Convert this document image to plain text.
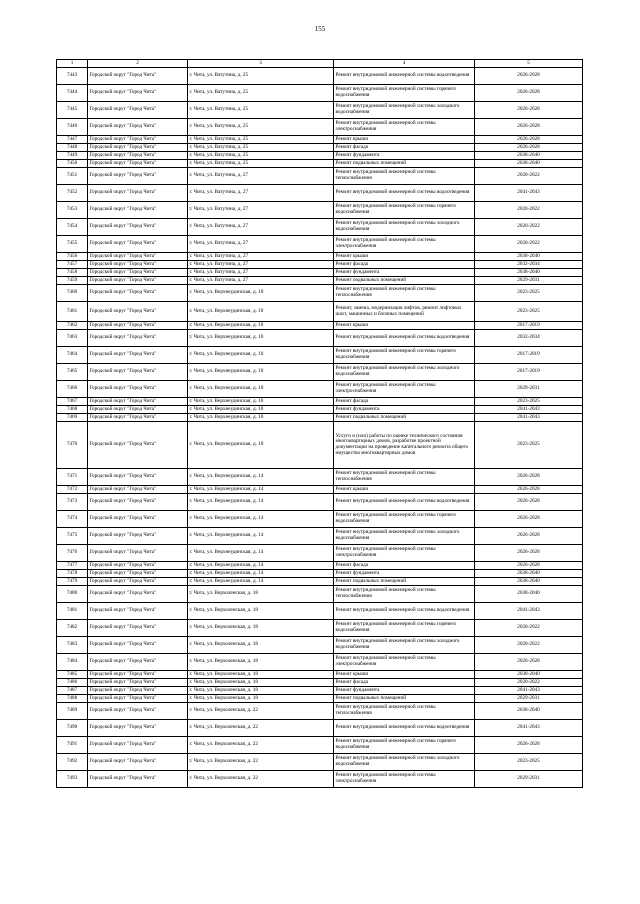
155
1	2	3	4	5
7443	Городской округ "Город Чита"	г. Чита, ул. Ватутина, д. 25	Ремонт внутридомовой инженерной системы водоотведения	2026-2028
7444	Городской округ "Город Чита"	г. Чита, ул. Ватутина, д. 25	Ремонт внутридомовой инженерной системы горячего водоснабжения	2026-2028
7445	Городской округ "Город Чита"	г. Чита, ул. Ватутина, д. 25	Ремонт внутридомовой инженерной системы холодного водоснабжения	2026-2028
7446	Городской округ "Город Чита"	г. Чита, ул. Ватутина, д. 25	Ремонт внутридомовой инженерной системы электроснабжения	2026-2028
7447	Городской округ "Город Чита"	г. Чита, ул. Ватутина, д. 25	Ремонт крыши	2026-2028
7448	Городской округ "Город Чита"	г. Чита, ул. Ватутина, д. 25	Ремонт фасада	2026-2028
7449	Городской округ "Город Чита"	г. Чита, ул. Ватутина, д. 25	Ремонт фундамента	2038-2040
7450	Городской округ "Город Чита"	г. Чита, ул. Ватутина, д. 25	Ремонт подвальных помещений	2038-2040
7451	Городской округ "Город Чита"	г. Чита, ул. Ватутина, д. 27	Ремонт внутридомовой инженерной системы теплоснабжения	2020-2022
7452	Городской округ "Город Чита"	г. Чита, ул. Ватутина, д. 27	Ремонт внутридомовой инженерной системы водоотведения	2041-2043
7453	Городской округ "Город Чита"	г. Чита, ул. Ватутина, д. 27	Ремонт внутридомовой инженерной системы горячего водоснабжения	2020-2022
7454	Городской округ "Город Чита"	г. Чита, ул. Ватутина, д. 27	Ремонт внутридомовой инженерной системы холодного водоснабжения	2020-2022
7455	Городской округ "Город Чита"	г. Чита, ул. Ватутина, д. 27	Ремонт внутридомовой инженерной системы электроснабжения	2020-2022
7456	Городской округ "Город Чита"	г. Чита, ул. Ватутина, д. 27	Ремонт крыши	2038-2040
7457	Городской округ "Город Чита"	г. Чита, ул. Ватутина, д. 27	Ремонт фасада	2032-2034
7458	Городской округ "Город Чита"	г. Чита, ул. Ватутина, д. 27	Ремонт фундамента	2038-2040
7459	Городской округ "Город Чита"	г. Чита, ул. Ватутина, д. 27	Ремонт подвальных помещений	2029-2031
7460	Городской округ "Город Чита"	г. Чита, ул. Верхнеудинская, д. 10	Ремонт внутридомовой инженерной системы теплоснабжения	2023-2025
7461	Городской округ "Город Чита"	г. Чита, ул. Верхнеудинская, д. 10	Ремонт, замена, модернизация лифтов, ремонт лифтовых шахт, машинных и блочных помещений	2023-2025
7462	Городской округ "Город Чита"	г. Чита, ул. Верхнеудинская, д. 10	Ремонт крыши	2017-2019
7463	Городской округ "Город Чита"	г. Чита, ул. Верхнеудинская, д. 10	Ремонт внутридомовой инженерной системы водоотведения	2032-2034
7464	Городской округ "Город Чита"	г. Чита, ул. Верхнеудинская, д. 10	Ремонт внутридомовой инженерной системы горячего водоснабжения	2017-2019
7465	Городской округ "Город Чита"	г. Чита, ул. Верхнеудинская, д. 10	Ремонт внутридомовой инженерной системы холодного водоснабжения	2017-2019
7466	Городской округ "Город Чита"	г. Чита, ул. Верхнеудинская, д. 10	Ремонт внутридомовой инженерной системы электроснабжения	2029-2031
7467	Городской округ "Город Чита"	г. Чита, ул. Верхнеудинская, д. 10	Ремонт фасада	2023-2025
7468	Городской округ "Город Чита"	г. Чита, ул. Верхнеудинская, д. 10	Ремонт фундамента	2041-2043
7469	Городской округ "Город Чита"	г. Чита, ул. Верхнеудинская, д. 10	Ремонт подвальных помещений	2041-2043
7470	Городской округ "Город Чита"	г. Чита, ул. Верхнеудинская, д. 10	Услуги и (или) работы по оценке технического состояния многоквартирных домов, разработке проектной документации на проведение капитального ремонта общего имущества многоквартирных домов	2023-2025
7471	Городской округ "Город Чита"	г. Чита, ул. Верхнеудинская, д. 14	Ремонт внутридомовой инженерной системы теплоснабжения	2026-2028
7472	Городской округ "Город Чита"	г. Чита, ул. Верхнеудинская, д. 14	Ремонт крыши	2026-2028
7473	Городской округ "Город Чита"	г. Чита, ул. Верхнеудинская, д. 14	Ремонт внутридомовой инженерной системы водоотведения	2026-2028
7474	Городской округ "Город Чита"	г. Чита, ул. Верхнеудинская, д. 14	Ремонт внутридомовой инженерной системы горячего водоснабжения	2026-2028
7475	Городской округ "Город Чита"	г. Чита, ул. Верхнеудинская, д. 14	Ремонт внутридомовой инженерной системы холодного водоснабжения	2026-2028
7476	Городской округ "Город Чита"	г. Чита, ул. Верхнеудинская, д. 14	Ремонт внутридомовой инженерной системы электроснабжения	2026-2028
7477	Городской округ "Город Чита"	г. Чита, ул. Верхнеудинская, д. 14	Ремонт фасада	2026-2028
7478	Городской округ "Город Чита"	г. Чита, ул. Верхнеудинская, д. 14	Ремонт фундамента	2038-2040
7479	Городской округ "Город Чита"	г. Чита, ул. Верхнеудинская, д. 14	Ремонт подвальных помещений	2038-2040
7480	Городской округ "Город Чита"	г. Чита, ул. Верхоленская, д. 18	Ремонт внутридомовой инженерной системы теплоснабжения	2038-2040
7481	Городской округ "Город Чита"	г. Чита, ул. Верхоленская, д. 18	Ремонт внутридомовой инженерной системы водоотведения	2041-2043
7482	Городской округ "Город Чита"	г. Чита, ул. Верхоленская, д. 18	Ремонт внутридомовой инженерной системы горячего водоснабжения	2020-2022
7483	Городской округ "Город Чита"	г. Чита, ул. Верхоленская, д. 18	Ремонт внутридомовой инженерной системы холодного водоснабжения	2020-2022
7484	Городской округ "Город Чита"	г. Чита, ул. Верхоленская, д. 18	Ремонт внутридомовой инженерной системы электроснабжения	2026-2028
7485	Городской округ "Город Чита"	г. Чита, ул. Верхоленская, д. 18	Ремонт крыши	2038-2040
7486	Городской округ "Город Чита"	г. Чита, ул. Верхоленская, д. 18	Ремонт фасада	2020-2022
7487	Городской округ "Город Чита"	г. Чита, ул. Верхоленская, д. 18	Ремонт фундамента	2041-2043
7488	Городской округ "Город Чита"	г. Чита, ул. Верхоленская, д. 18	Ремонт подвальных помещений	2029-2031
7489	Городской округ "Город Чита"	г. Чита, ул. Верхоленская, д. 22	Ремонт внутридомовой инженерной системы теплоснабжения	2038-2040
7490	Городской округ "Город Чита"	г. Чита, ул. Верхоленская, д. 22	Ремонт внутридомовой инженерной системы водоотведения	2041-2043
7491	Городской округ "Город Чита"	г. Чита, ул. Верхоленская, д. 22	Ремонт внутридомовой инженерной системы горячего водоснабжения	2026-2028
7492	Городской округ "Город Чита"	г. Чита, ул. Верхоленская, д. 22	Ремонт внутридомовой инженерной системы холодного водоснабжения	2023-2025
7493	Городской округ "Город Чита"	г. Чита, ул. Верхоленская, д. 22	Ремонт внутридомовой инженерной системы электроснабжения	2029-2031
